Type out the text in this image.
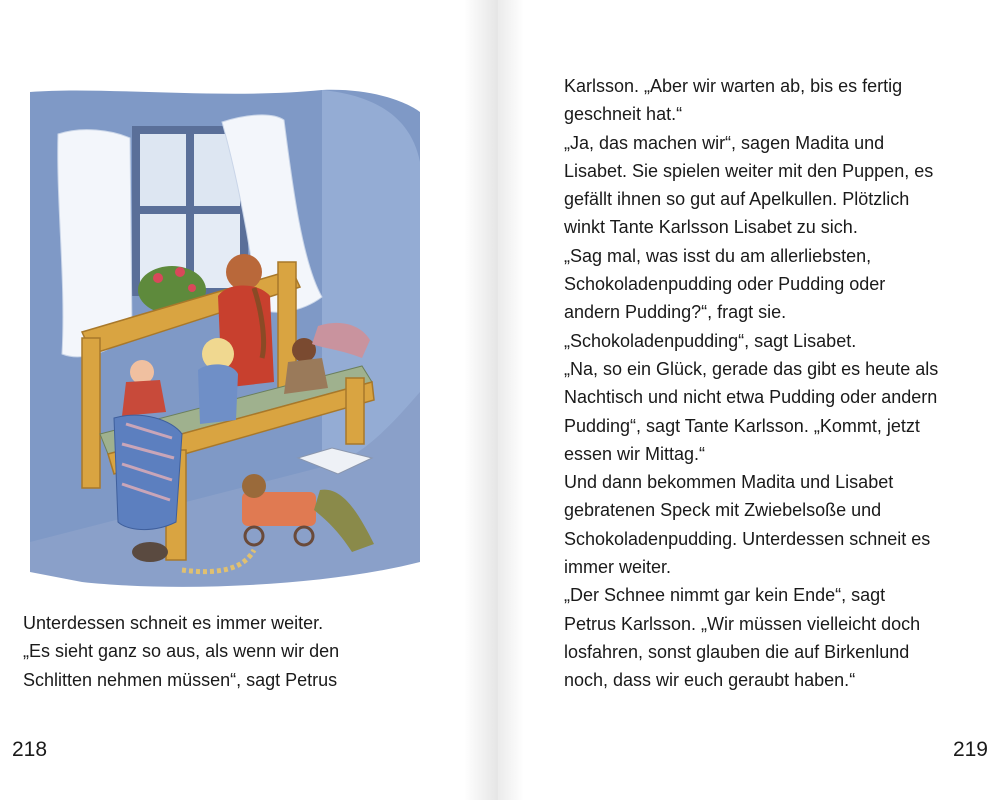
Unterdessen schneit es immer weiter.
„Es sieht ganz so aus, als wenn wir den
Schlitten nehmen müssen“, sagt Petrus
218
Karlsson. „Aber wir warten ab, bis es fertig
geschneit hat.“
„Ja, das machen wir“, sagen Madita und
Lisabet. Sie spielen weiter mit den Puppen, es
gefällt ihnen so gut auf Apelkullen. Plötzlich
winkt Tante Karlsson Lisabet zu sich.
„Sag mal, was isst du am allerliebsten,
Schokoladenpudding oder Pudding oder
andern Pudding?“, fragt sie.
„Schokoladenpudding“, sagt Lisabet.
„Na, so ein Glück, gerade das gibt es heute als
Nachtisch und nicht etwa Pudding oder andern
Pudding“, sagt Tante Karlsson. „Kommt, jetzt
essen wir Mittag.“
Und dann bekommen Madita und Lisabet
gebratenen Speck mit Zwiebelsoße und
Schokoladenpudding. Unterdessen schneit es
immer weiter.
„Der Schnee nimmt gar kein Ende“, sagt
Petrus Karlsson. „Wir müssen vielleicht doch
losfahren, sonst glauben die auf Birkenlund
noch, dass wir euch geraubt haben.“
219
